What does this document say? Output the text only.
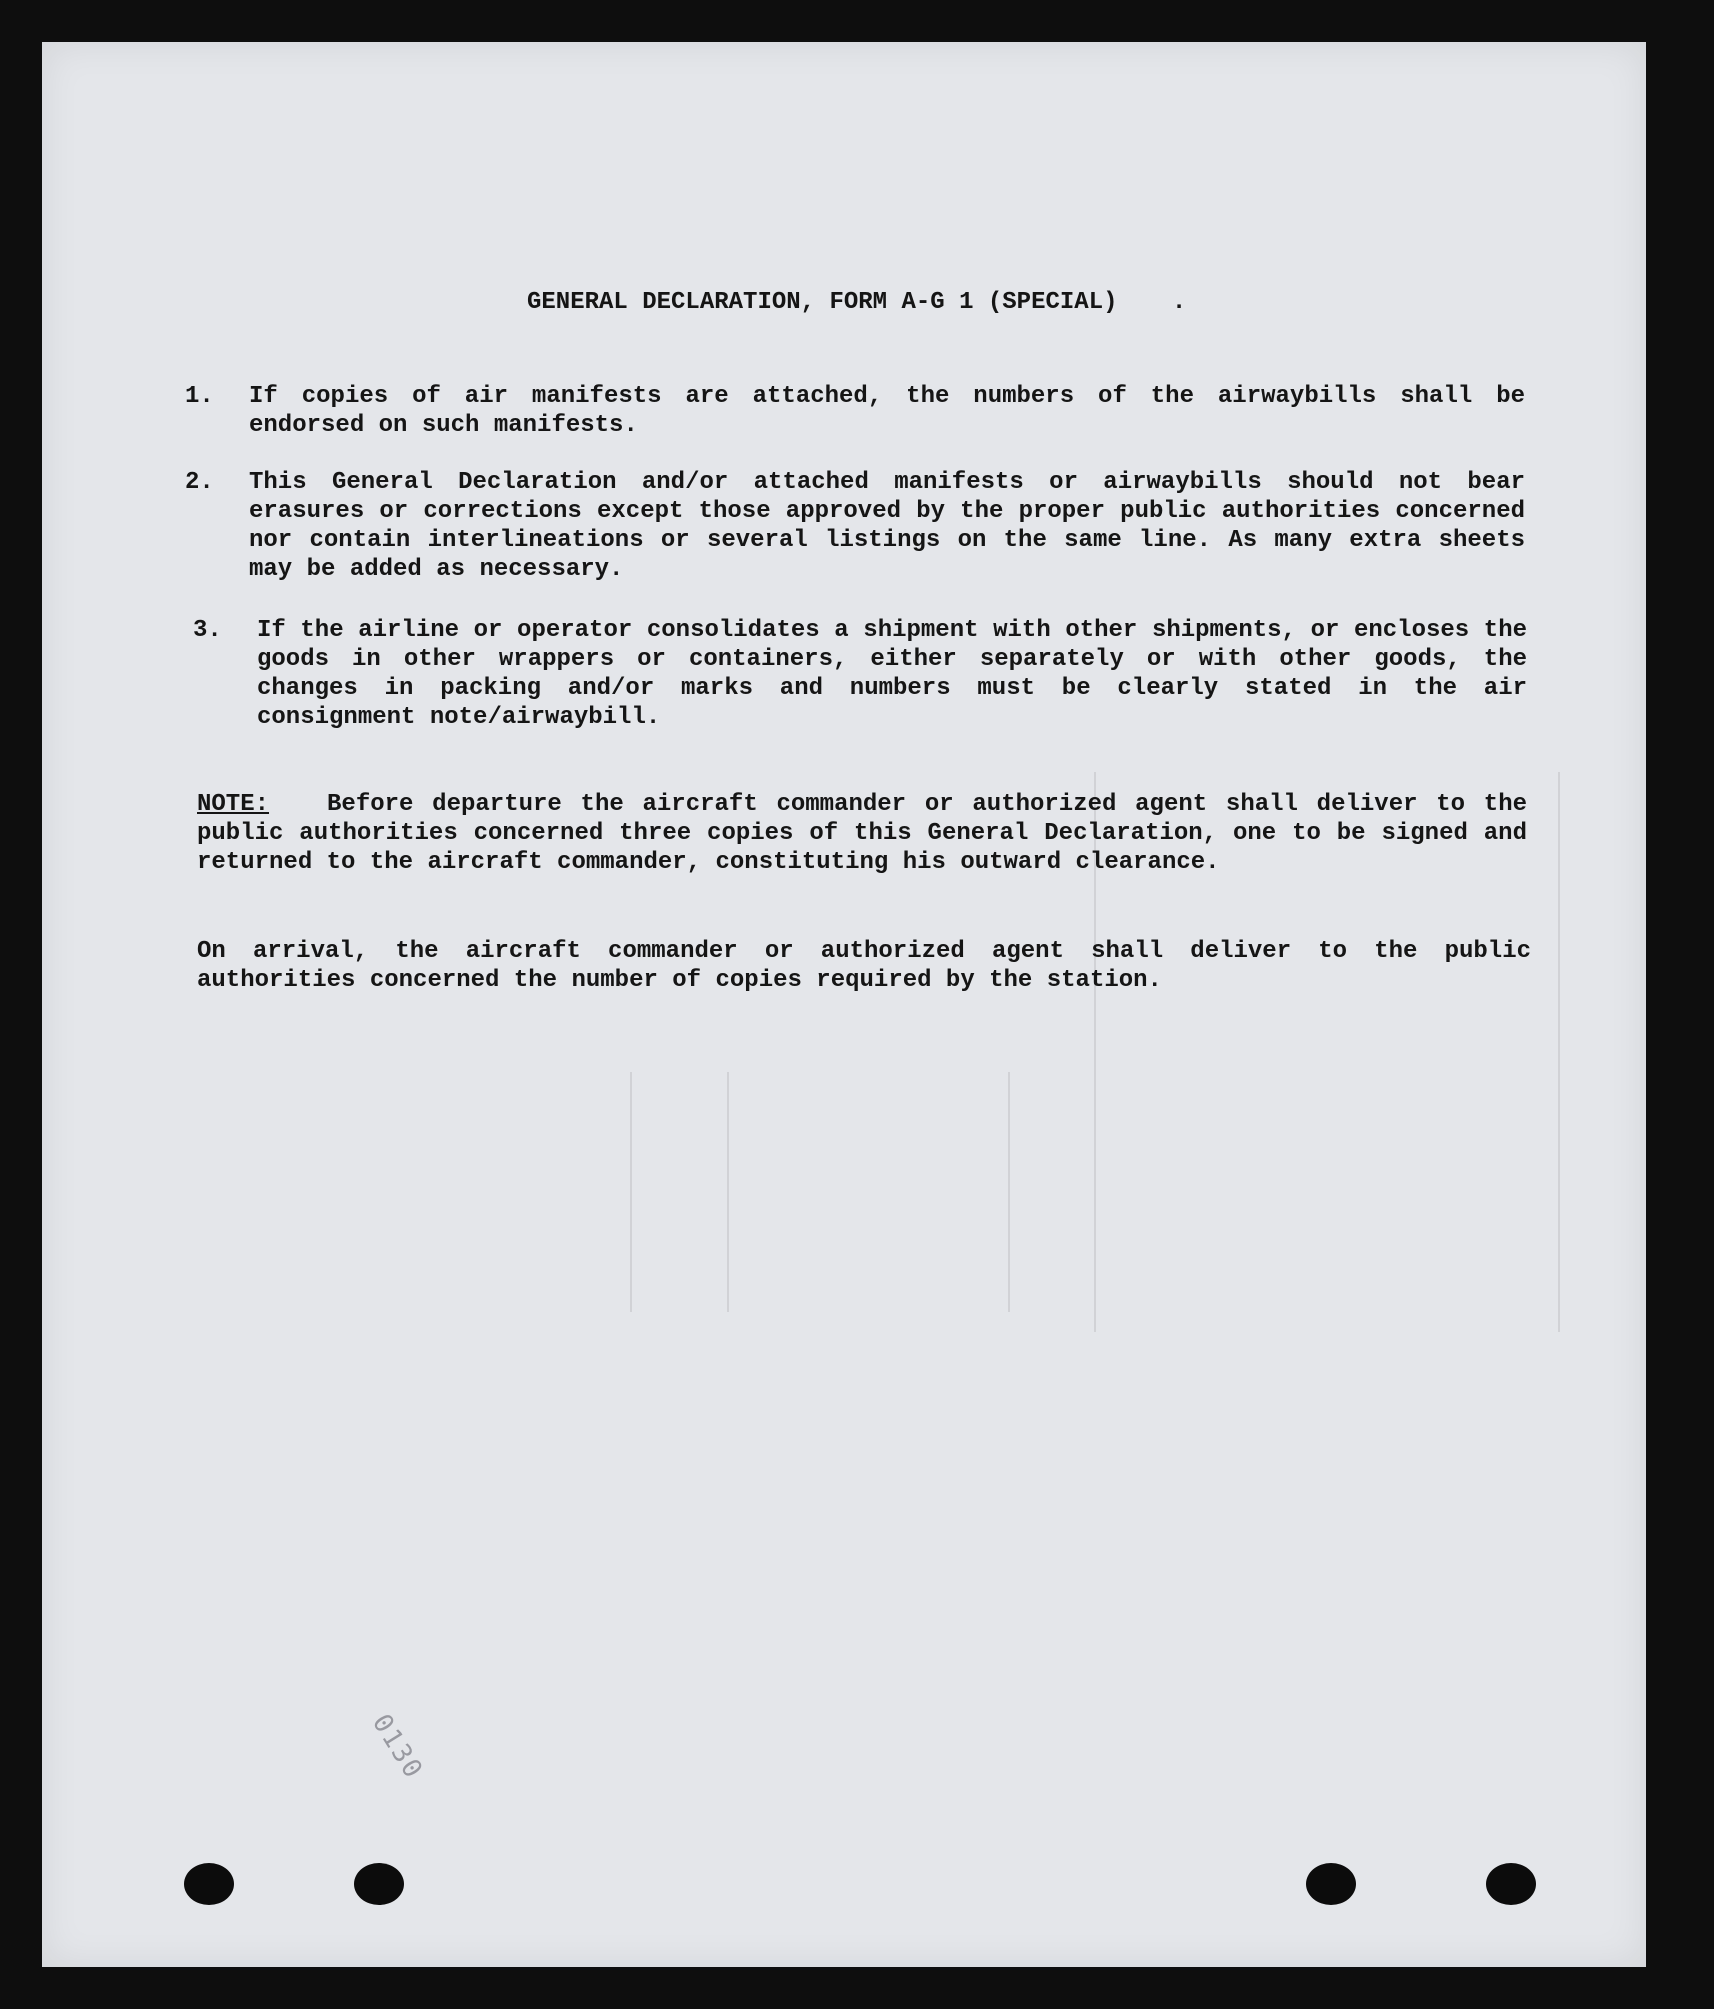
0130
GENERAL DECLARATION, FORM A-G 1 (SPECIAL) .
1.	If copies of air manifests are attached, the numbers of the airwaybills shall be endorsed on such manifests.
2.	This General Declaration and/or attached manifests or airwaybills should not bear erasures or corrections except those approved by the proper public authorities concerned nor contain interlineations or several listings on the same line. As many extra sheets may be added as necessary.
3.	If the airline or operator consolidates a shipment with other shipments, or encloses the goods in other wrappers or containers, either separately or with other goods, the changes in packing and/or marks and numbers must be clearly stated in the air consignment note/airwaybill.
NOTE: Before departure the aircraft commander or authorized agent shall deliver to the public authorities concerned three copies of this General Declaration, one to be signed and returned to the aircraft commander, constituting his outward clearance.
On arrival, the aircraft commander or authorized agent shall deliver to the public authorities concerned the number of copies required by the station.
